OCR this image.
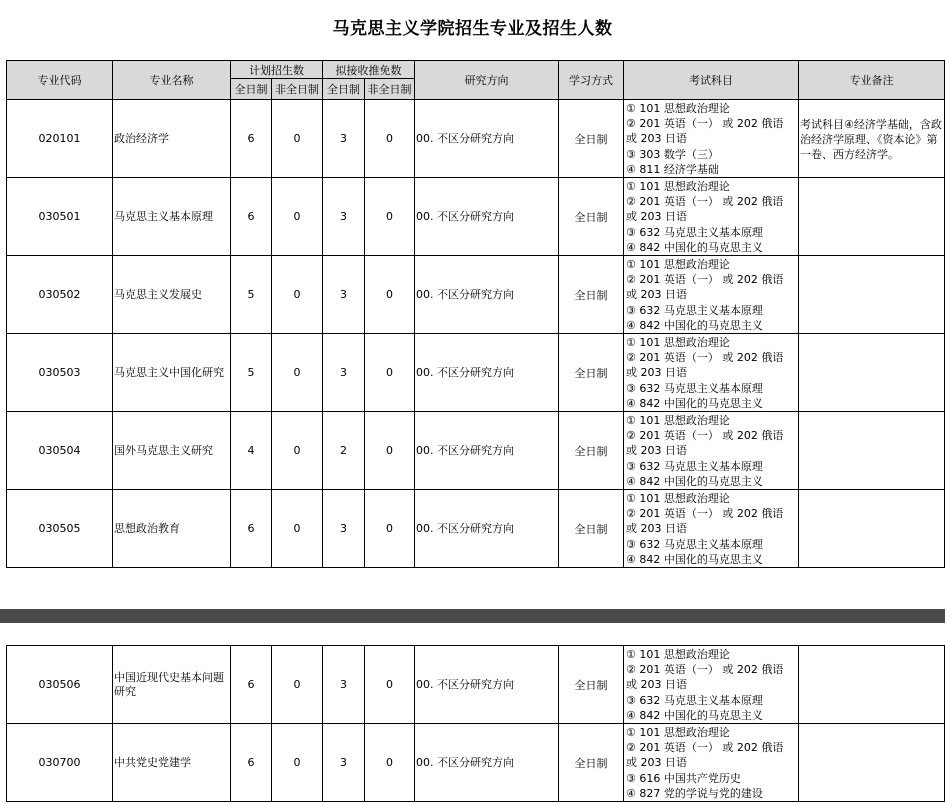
马克思主义学院招生专业及招生人数
专业代码	专业名称	计划招生数		拟接收推免数		研究方向	学习方式	考试科目	专业备注
		全日制	非全日制	全日制	非全日制				
020101	政治经济学	6	0	3	0	00. 不区分研究方向	全日制	① 101 思想政治理论
② 201 英语（一） 或 202 俄语 或 203 日语
③ 303 数学（三）
④ 811 经济学基础	考试科目④经济学基础，含政治经济学原理、《资本论》第一卷、西方经济学。
030501	马克思主义基本原理	6	0	3	0	00. 不区分研究方向	全日制	① 101 思想政治理论
② 201 英语（一） 或 202 俄语 或 203 日语
③ 632 马克思主义基本原理
④ 842 中国化的马克思主义	

030502	马克思主义发展史	5	0	3	0	00. 不区分研究方向	全日制	① 101 思想政治理论
② 201 英语（一） 或 202 俄语 或 203 日语
③ 632 马克思主义基本原理
④ 842 中国化的马克思主义	

030503	马克思主义中国化研究	5	0	3	0	00. 不区分研究方向	全日制	① 101 思想政治理论
② 201 英语（一） 或 202 俄语 或 203 日语
③ 632 马克思主义基本原理
④ 842 中国化的马克思主义	

030504	国外马克思主义研究	4	0	2	0	00. 不区分研究方向	全日制	① 101 思想政治理论
② 201 英语（一） 或 202 俄语 或 203 日语
③ 632 马克思主义基本原理
④ 842 中国化的马克思主义	

030505	思想政治教育	6	0	3	0	00. 不区分研究方向	全日制	① 101 思想政治理论
② 201 英语（一） 或 202 俄语 或 203 日语
③ 632 马克思主义基本原理
④ 842 中国化的马克思主义	

030506	中国近现代史基本问题研究	6	0	3	0	00. 不区分研究方向	全日制	① 101 思想政治理论
② 201 英语（一） 或 202 俄语 或 203 日语
③ 632 马克思主义基本原理
④ 842 中国化的马克思主义	

030700	中共党史党建学	6	0	3	0	00. 不区分研究方向	全日制	① 101 思想政治理论
② 201 英语（一） 或 202 俄语 或 203 日语
③ 616 中国共产党历史
④ 827 党的学说与党的建设	
